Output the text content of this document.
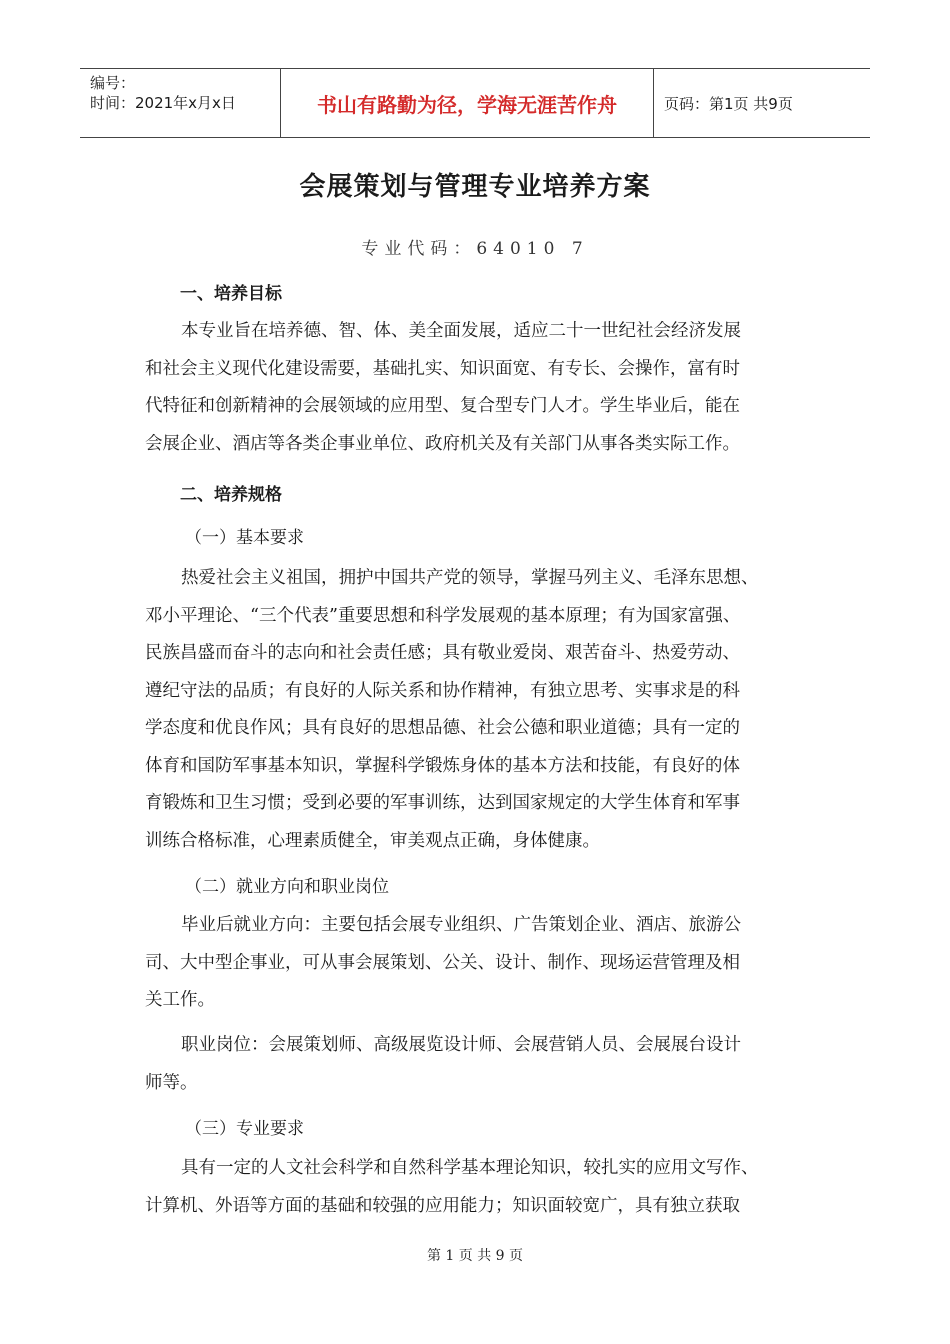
编号：
时间：2021年x月x日	书山有路勤为径，学海无涯苦作舟	页码：第1页 共9页
会展策划与管理专业培养方案
专业代码：64010 7
一、培养目标
本专业旨在培养德、智、体、美全面发展，适应二十一世纪社会经济发展
和社会主义现代化建设需要，基础扎实、知识面宽、有专长、会操作，富有时
代特征和创新精神的会展领域的应用型、复合型专门人才。学生毕业后，能在
会展企业、酒店等各类企事业单位、政府机关及有关部门从事各类实际工作。
二、培养规格
（一）基本要求
热爱社会主义祖国，拥护中国共产党的领导，掌握马列主义、毛泽东思想、
邓小平理论、“三个代表”重要思想和科学发展观的基本原理；有为国家富强、
民族昌盛而奋斗的志向和社会责任感；具有敬业爱岗、艰苦奋斗、热爱劳动、
遵纪守法的品质；有良好的人际关系和协作精神，有独立思考、实事求是的科
学态度和优良作风；具有良好的思想品德、社会公德和职业道德；具有一定的
体育和国防军事基本知识，掌握科学锻炼身体的基本方法和技能，有良好的体
育锻炼和卫生习惯；受到必要的军事训练，达到国家规定的大学生体育和军事
训练合格标准，心理素质健全，审美观点正确，身体健康。
（二）就业方向和职业岗位
毕业后就业方向：主要包括会展专业组织、广告策划企业、酒店、旅游公
司、大中型企事业，可从事会展策划、公关、设计、制作、现场运营管理及相
关工作。
职业岗位：会展策划师、高级展览设计师、会展营销人员、会展展台设计
师等。
（三）专业要求
具有一定的人文社会科学和自然科学基本理论知识，较扎实的应用文写作、
计算机、外语等方面的基础和较强的应用能力；知识面较宽广，具有独立获取
第 1 页 共 9 页
